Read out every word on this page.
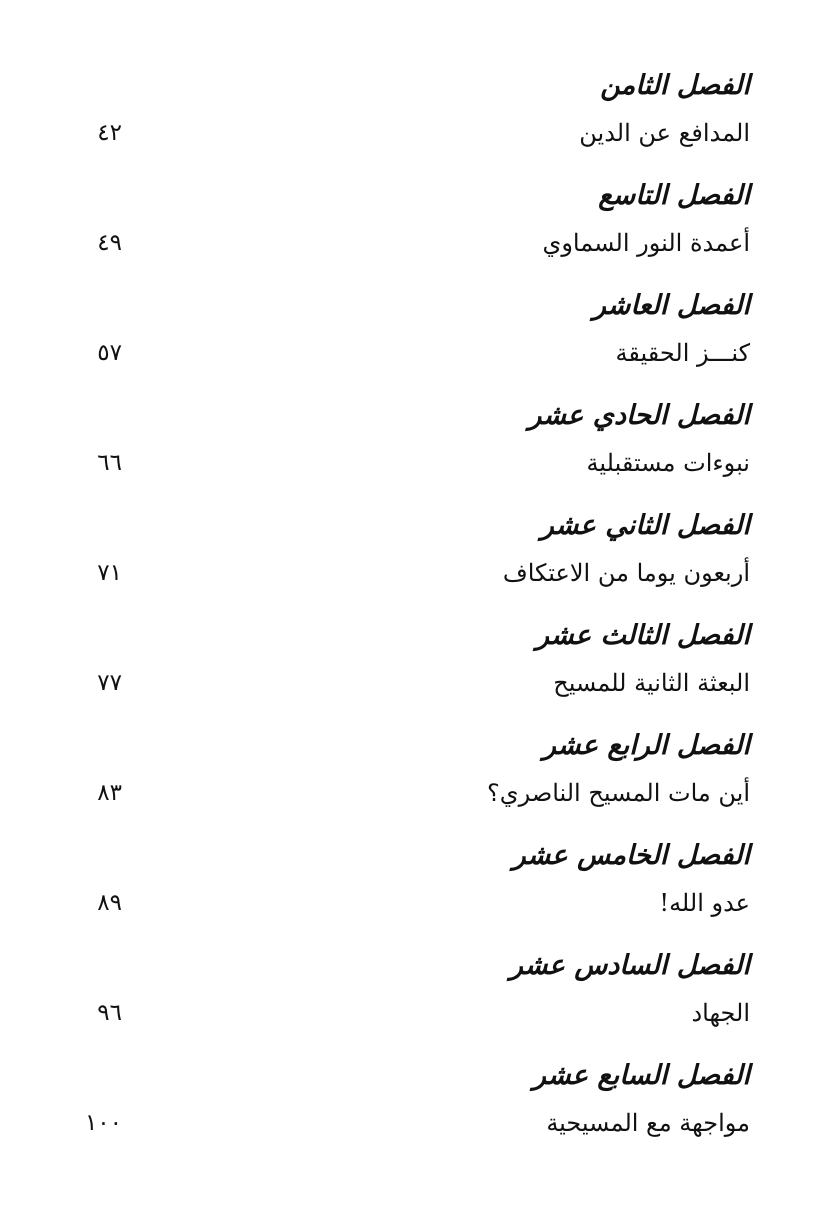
الفصل الثامن
المدافع عن الدين
٤٢
الفصل التاسع
أعمدة النور السماوي
٤٩
الفصل العاشر
كنـــز الحقيقة
٥٧
الفصل الحادي عشر
نبوءات مستقبلية
٦٦
الفصل الثاني عشر
أربعون يوما من الاعتكاف
٧١
الفصل الثالث عشر
البعثة الثانية للمسيح
٧٧
الفصل الرابع عشر
أين مات المسيح الناصري؟
٨٣
الفصل الخامس عشر
عدو الله!
٨٩
الفصل السادس عشر
الجهاد
٩٦
الفصل السابع عشر
مواجهة مع المسيحية
١٠٠
